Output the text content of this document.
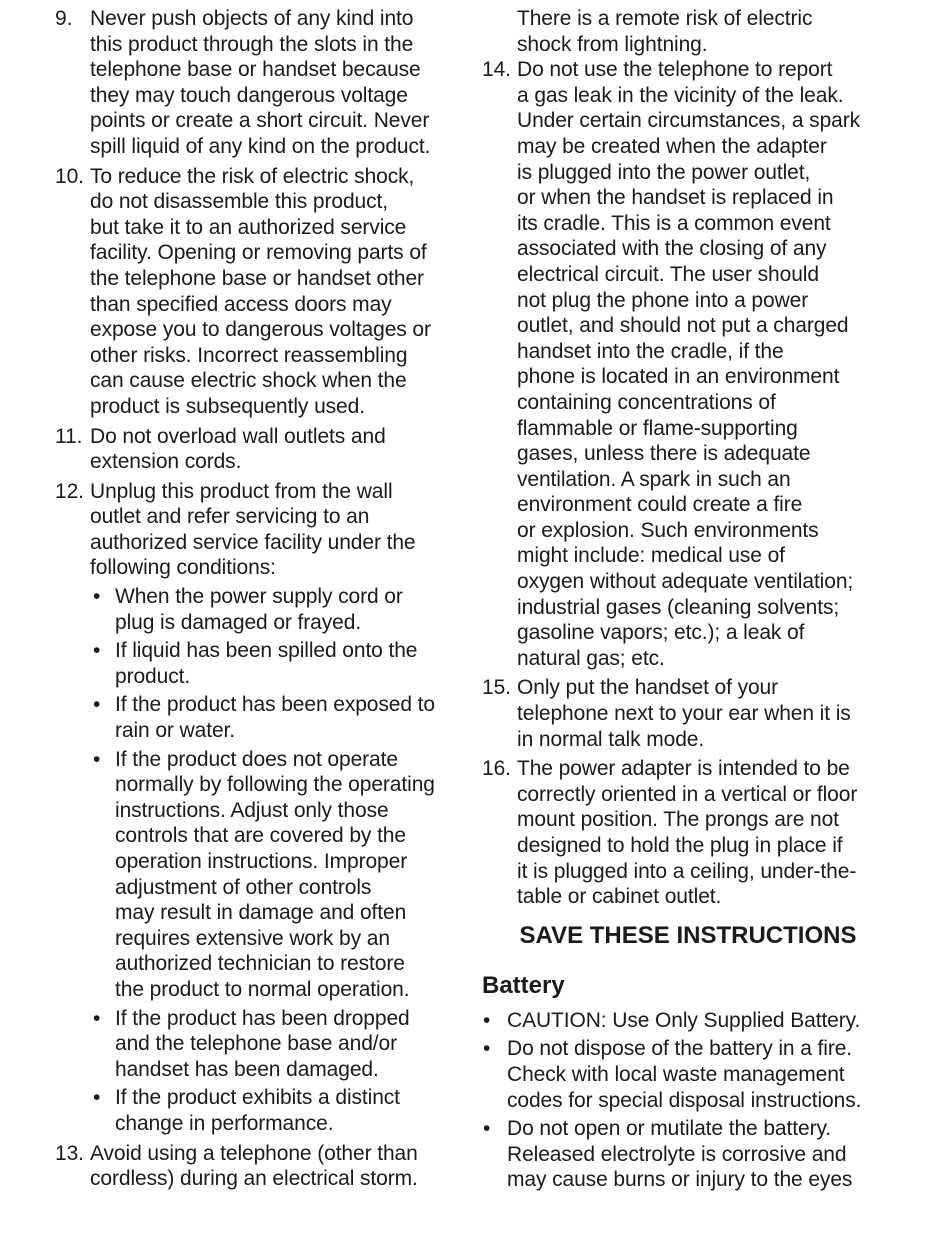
9. Never push objects of any kind into
this product through the slots in the
telephone base or handset because
they may touch dangerous voltage
points or create a short circuit. Never
spill liquid of any kind on the product.
10. To reduce the risk of electric shock,
do not disassemble this product,
but take it to an authorized service
facility. Opening or removing parts of
the telephone base or handset other
than specified access doors may
expose you to dangerous voltages or
other risks. Incorrect reassembling
can cause electric shock when the
product is subsequently used.
11. Do not overload wall outlets and
extension cords.
12. Unplug this product from the wall
outlet and refer servicing to an
authorized service facility under the
following conditions:
• When the power supply cord or
plug is damaged or frayed.
• If liquid has been spilled onto the
product.
• If the product has been exposed to
rain or water.
• If the product does not operate
normally by following the operating
instructions. Adjust only those
controls that are covered by the
operation instructions. Improper
adjustment of other controls
may result in damage and often
requires extensive work by an
authorized technician to restore
the product to normal operation.
• If the product has been dropped
and the telephone base and/or
handset has been damaged.
• If the product exhibits a distinct
change in performance.
13. Avoid using a telephone (other than
cordless) during an electrical storm.
There is a remote risk of electric
shock from lightning.
14. Do not use the telephone to report
a gas leak in the vicinity of the leak.
Under certain circumstances, a spark
may be created when the adapter
is plugged into the power outlet,
or when the handset is replaced in
its cradle. This is a common event
associated with the closing of any
electrical circuit. The user should
not plug the phone into a power
outlet, and should not put a charged
handset into the cradle, if the
phone is located in an environment
containing concentrations of
flammable or flame-supporting
gases, unless there is adequate
ventilation. A spark in such an
environment could create a fire
or explosion. Such environments
might include: medical use of
oxygen without adequate ventilation;
industrial gases (cleaning solvents;
gasoline vapors; etc.); a leak of
natural gas; etc.
15. Only put the handset of your
telephone next to your ear when it is
in normal talk mode.
16. The power adapter is intended to be
correctly oriented in a vertical or floor
mount position. The prongs are not
designed to hold the plug in place if
it is plugged into a ceiling, under-the-
table or cabinet outlet.
SAVE THESE INSTRUCTIONS
Battery
• CAUTION: Use Only Supplied Battery.
• Do not dispose of the battery in a fire.
Check with local waste management
codes for special disposal instructions.
• Do not open or mutilate the battery.
Released electrolyte is corrosive and
may cause burns or injury to the eyes
